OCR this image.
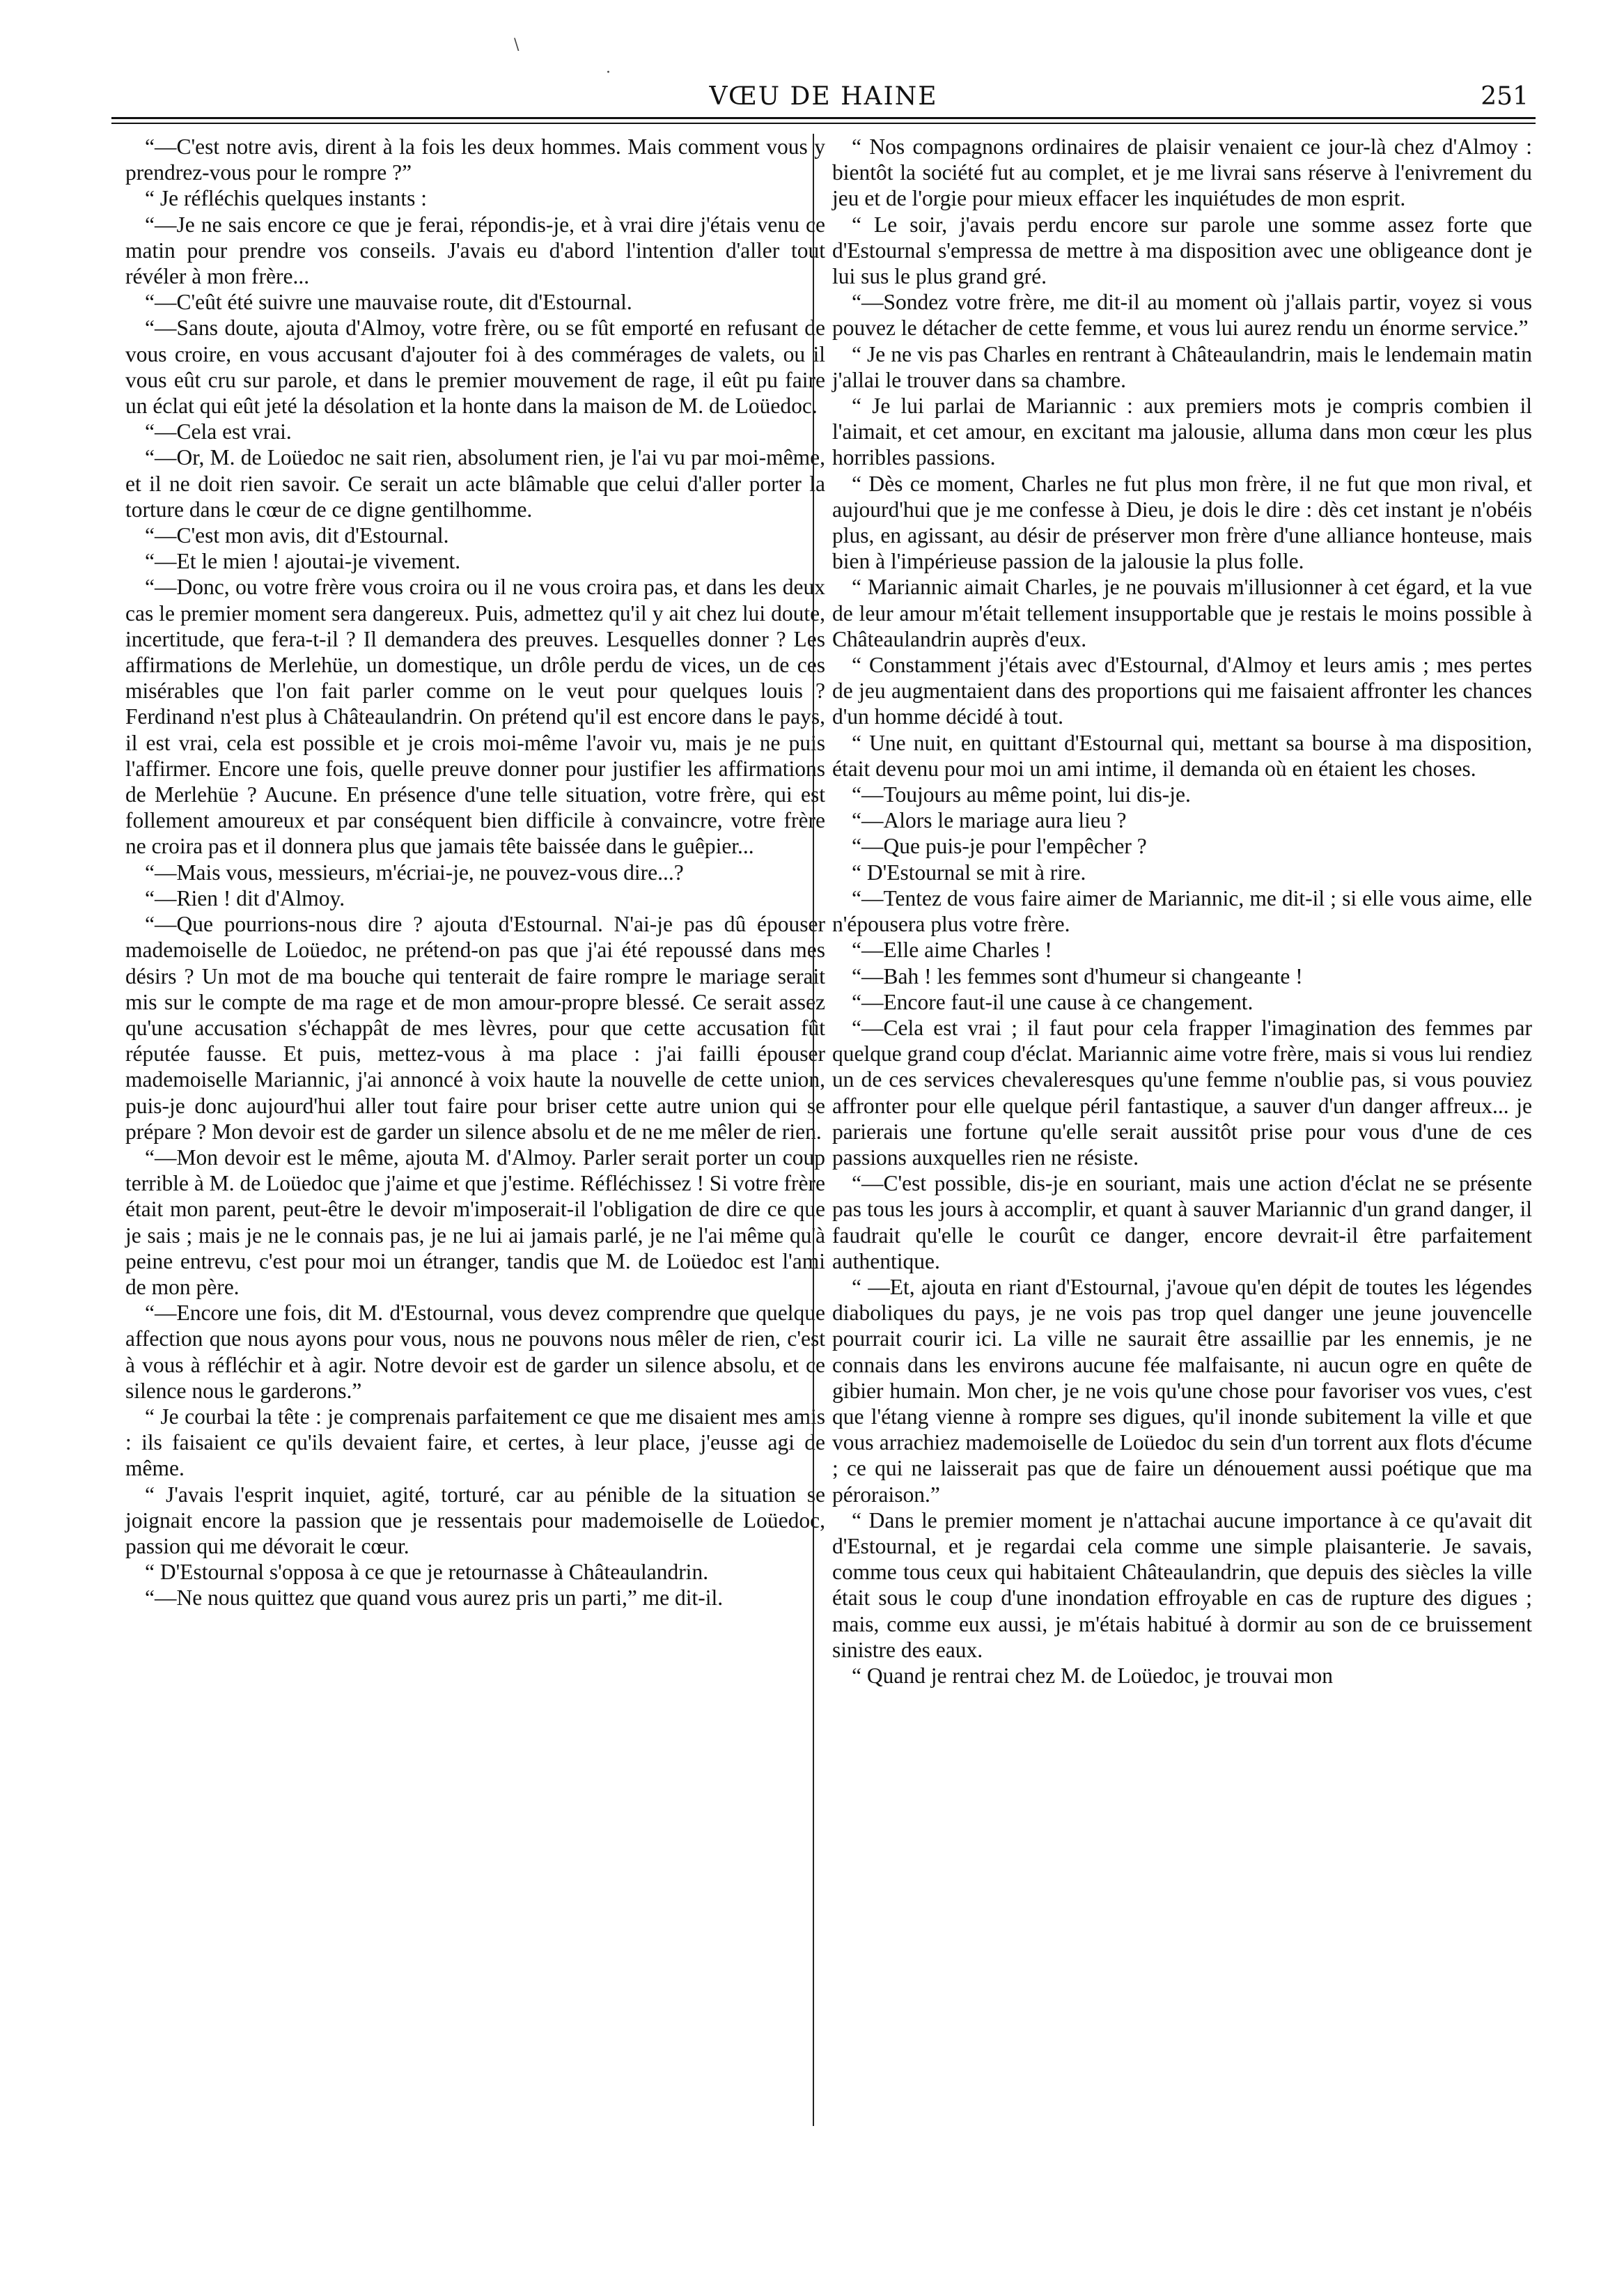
\
·
VŒU DE HAINE	251

“—C'est notre avis, dirent à la fois les deux hommes. Mais comment vous y prendrez-vous pour le rompre ?”

“ Je réfléchis quelques instants :

“—Je ne sais encore ce que je ferai, répondis-je, et à vrai dire j'étais venu ce matin pour prendre vos conseils. J'avais eu d'abord l'intention d'aller tout révéler à mon frère...

“—C'eût été suivre une mauvaise route, dit d'Estournal.

“—Sans doute, ajouta d'Almoy, votre frère, ou se fût emporté en refusant de vous croire, en vous accusant d'ajouter foi à des commérages de valets, ou il vous eût cru sur parole, et dans le premier mouvement de rage, il eût pu faire un éclat qui eût jeté la désolation et la honte dans la maison de M. de Loüedoc.

“—Cela est vrai.

“—Or, M. de Loüedoc ne sait rien, absolument rien, je l'ai vu par moi-même, et il ne doit rien savoir. Ce serait un acte blâmable que celui d'aller porter la torture dans le cœur de ce digne gentilhomme.

“—C'est mon avis, dit d'Estournal.

“—Et le mien ! ajoutai-je vivement.

“—Donc, ou votre frère vous croira ou il ne vous croira pas, et dans les deux cas le premier moment sera dangereux. Puis, admettez qu'il y ait chez lui doute, incertitude, que fera-t-il ? Il demandera des preuves. Lesquelles donner ? Les affirmations de Merlehüe, un domestique, un drôle perdu de vices, un de ces misérables que l'on fait parler comme on le veut pour quelques louis ? Ferdinand n'est plus à Châteaulandrin. On prétend qu'il est encore dans le pays, il est vrai, cela est possible et je crois moi-même l'avoir vu, mais je ne puis l'affirmer. Encore une fois, quelle preuve donner pour justifier les affirmations de Merlehüe ? Aucune. En présence d'une telle situation, votre frère, qui est follement amoureux et par conséquent bien difficile à convaincre, votre frère ne croira pas et il donnera plus que jamais tête baissée dans le guêpier...

“—Mais vous, messieurs, m'écriai-je, ne pouvez-vous dire...?

“—Rien ! dit d'Almoy.

“—Que pourrions-nous dire ? ajouta d'Estournal. N'ai-je pas dû épouser mademoiselle de Loüedoc, ne prétend-on pas que j'ai été repoussé dans mes désirs ? Un mot de ma bouche qui tenterait de faire rompre le mariage serait mis sur le compte de ma rage et de mon amour-propre blessé. Ce serait assez qu'une accusation s'échappât de mes lèvres, pour que cette accusation fût réputée fausse. Et puis, mettez-vous à ma place : j'ai failli épouser mademoiselle Mariannic, j'ai annoncé à voix haute la nouvelle de cette union, puis-je donc aujourd'hui aller tout faire pour briser cette autre union qui se prépare ? Mon devoir est de garder un silence absolu et de ne me mêler de rien.

“—Mon devoir est le même, ajouta M. d'Almoy. Parler serait porter un coup terrible à M. de Loüedoc que j'aime et que j'estime. Réfléchissez ! Si votre frère était mon parent, peut-être le devoir m'imposerait-il l'obligation de dire ce que je sais ; mais je ne le connais pas, je ne lui ai jamais parlé, je ne l'ai même qu'à peine entrevu, c'est pour moi un étranger, tandis que M. de Loüedoc est l'ami de mon père.

“—Encore une fois, dit M. d'Estournal, vous devez comprendre que quelque affection que nous ayons pour vous, nous ne pouvons nous mêler de rien, c'est à vous à réfléchir et à agir. Notre devoir est de garder un silence absolu, et ce silence nous le garderons.”

“ Je courbai la tête : je comprenais parfaitement ce que me disaient mes amis : ils faisaient ce qu'ils devaient faire, et certes, à leur place, j'eusse agi de même.

“ J'avais l'esprit inquiet, agité, torturé, car au pénible de la situation se joignait encore la passion que je ressentais pour mademoiselle de Loüedoc, passion qui me dévorait le cœur.

“ D'Estournal s'opposa à ce que je retournasse à Châteaulandrin.

“—Ne nous quittez que quand vous aurez pris un parti,” me dit-il.

“ Nos compagnons ordinaires de plaisir venaient ce jour-là chez d'Almoy : bientôt la société fut au complet, et je me livrai sans réserve à l'enivrement du jeu et de l'orgie pour mieux effacer les inquiétudes de mon esprit.

“ Le soir, j'avais perdu encore sur parole une somme assez forte que d'Estournal s'empressa de mettre à ma disposition avec une obligeance dont je lui sus le plus grand gré.

“—Sondez votre frère, me dit-il au moment où j'allais partir, voyez si vous pouvez le détacher de cette femme, et vous lui aurez rendu un énorme service.”

“ Je ne vis pas Charles en rentrant à Châteaulandrin, mais le lendemain matin j'allai le trouver dans sa chambre.

“ Je lui parlai de Mariannic : aux premiers mots je compris combien il l'aimait, et cet amour, en excitant ma jalousie, alluma dans mon cœur les plus horribles passions.

“ Dès ce moment, Charles ne fut plus mon frère, il ne fut que mon rival, et aujourd'hui que je me confesse à Dieu, je dois le dire : dès cet instant je n'obéis plus, en agissant, au désir de préserver mon frère d'une alliance honteuse, mais bien à l'impérieuse passion de la jalousie la plus folle.

“ Mariannic aimait Charles, je ne pouvais m'illusionner à cet égard, et la vue de leur amour m'était tellement insupportable que je restais le moins possible à Châteaulandrin auprès d'eux.

“ Constamment j'étais avec d'Estournal, d'Almoy et leurs amis ; mes pertes de jeu augmentaient dans des proportions qui me faisaient affronter les chances d'un homme décidé à tout.

“ Une nuit, en quittant d'Estournal qui, mettant sa bourse à ma disposition, était devenu pour moi un ami intime, il demanda où en étaient les choses.

“—Toujours au même point, lui dis-je.

“—Alors le mariage aura lieu ?

“—Que puis-je pour l'empêcher ?

“ D'Estournal se mit à rire.

“—Tentez de vous faire aimer de Mariannic, me dit-il ; si elle vous aime, elle n'épousera plus votre frère.

“—Elle aime Charles !

“—Bah ! les femmes sont d'humeur si changeante !

“—Encore faut-il une cause à ce changement.

“—Cela est vrai ; il faut pour cela frapper l'imagination des femmes par quelque grand coup d'éclat. Mariannic aime votre frère, mais si vous lui rendiez un de ces services chevaleresques qu'une femme n'oublie pas, si vous pouviez affronter pour elle quelque péril fantastique, a sauver d'un danger affreux... je parierais une fortune qu'elle serait aussitôt prise pour vous d'une de ces passions auxquelles rien ne résiste.

“—C'est possible, dis-je en souriant, mais une action d'éclat ne se présente pas tous les jours à accomplir, et quant à sauver Mariannic d'un grand danger, il faudrait qu'elle le courût ce danger, encore devrait-il être parfaitement authentique.

“ —Et, ajouta en riant d'Estournal, j'avoue qu'en dépit de toutes les légendes diaboliques du pays, je ne vois pas trop quel danger une jeune jouvencelle pourrait courir ici. La ville ne saurait être assaillie par les ennemis, je ne connais dans les environs aucune fée malfaisante, ni aucun ogre en quête de gibier humain. Mon cher, je ne vois qu'une chose pour favoriser vos vues, c'est que l'étang vienne à rompre ses digues, qu'il inonde subitement la ville et que vous arrachiez mademoiselle de Loüedoc du sein d'un torrent aux flots d'écume ; ce qui ne laisserait pas que de faire un dénouement aussi poétique que ma péroraison.”

“ Dans le premier moment je n'attachai aucune importance à ce qu'avait dit d'Estournal, et je regardai cela comme une simple plaisanterie. Je savais, comme tous ceux qui habitaient Châteaulandrin, que depuis des siècles la ville était sous le coup d'une inondation effroyable en cas de rupture des digues ; mais, comme eux aussi, je m'étais habitué à dormir au son de ce bruissement sinistre des eaux.

“ Quand je rentrai chez M. de Loüedoc, je trouvai mon
